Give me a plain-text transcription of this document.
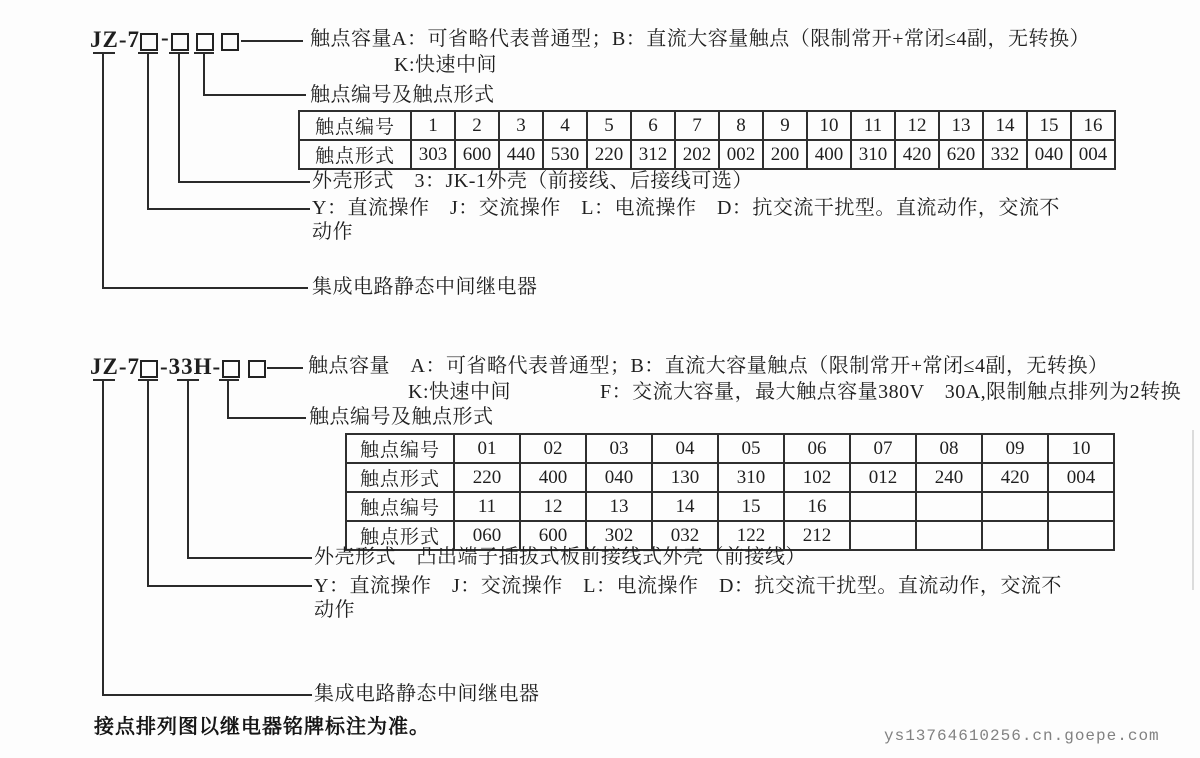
JZ-7 -	触点容量A：可省略代表普通型；B：直流大容量触点（限制常开+常闭≤4副，无转换）
K:快速中间
触点编号及触点形式
触点编号	1	2	3	4	5	6	7	8	9	10	11	12	13	14	15	16
触点形式	303	600	440	530	220	312	202	002	200	400	310	420	620	332	040	004
外壳形式　3：JK-1外壳（前接线、后接线可选）
Y：直流操作　J：交流操作　L：电流操作　D：抗交流干扰型。直流动作，交流不
动作
集成电路静态中间继电器
JZ-7 -33H-	触点容量　A：可省略代表普通型；B：直流大容量触点（限制常开+常闭≤4副，无转换）
K:快速中间	F：交流大容量，最大触点容量380V　30A,限制触点排列为2转换
触点编号及触点形式
触点编号	01	02	03	04	05	06	07	08	09	10
触点形式	220	400	040	130	310	102	012	240	420	004
触点编号	11	12	13	14	15	16				
触点形式	060	600	302	032	122	212				
外壳形式　凸出端子插拔式板前接线式外壳（前接线）
Y：直流操作　J：交流操作　L：电流操作　D：抗交流干扰型。直流动作，交流不
动作
集成电路静态中间继电器
接点排列图以继电器铭牌标注为准。	ys13764610256.cn.goepe.com
